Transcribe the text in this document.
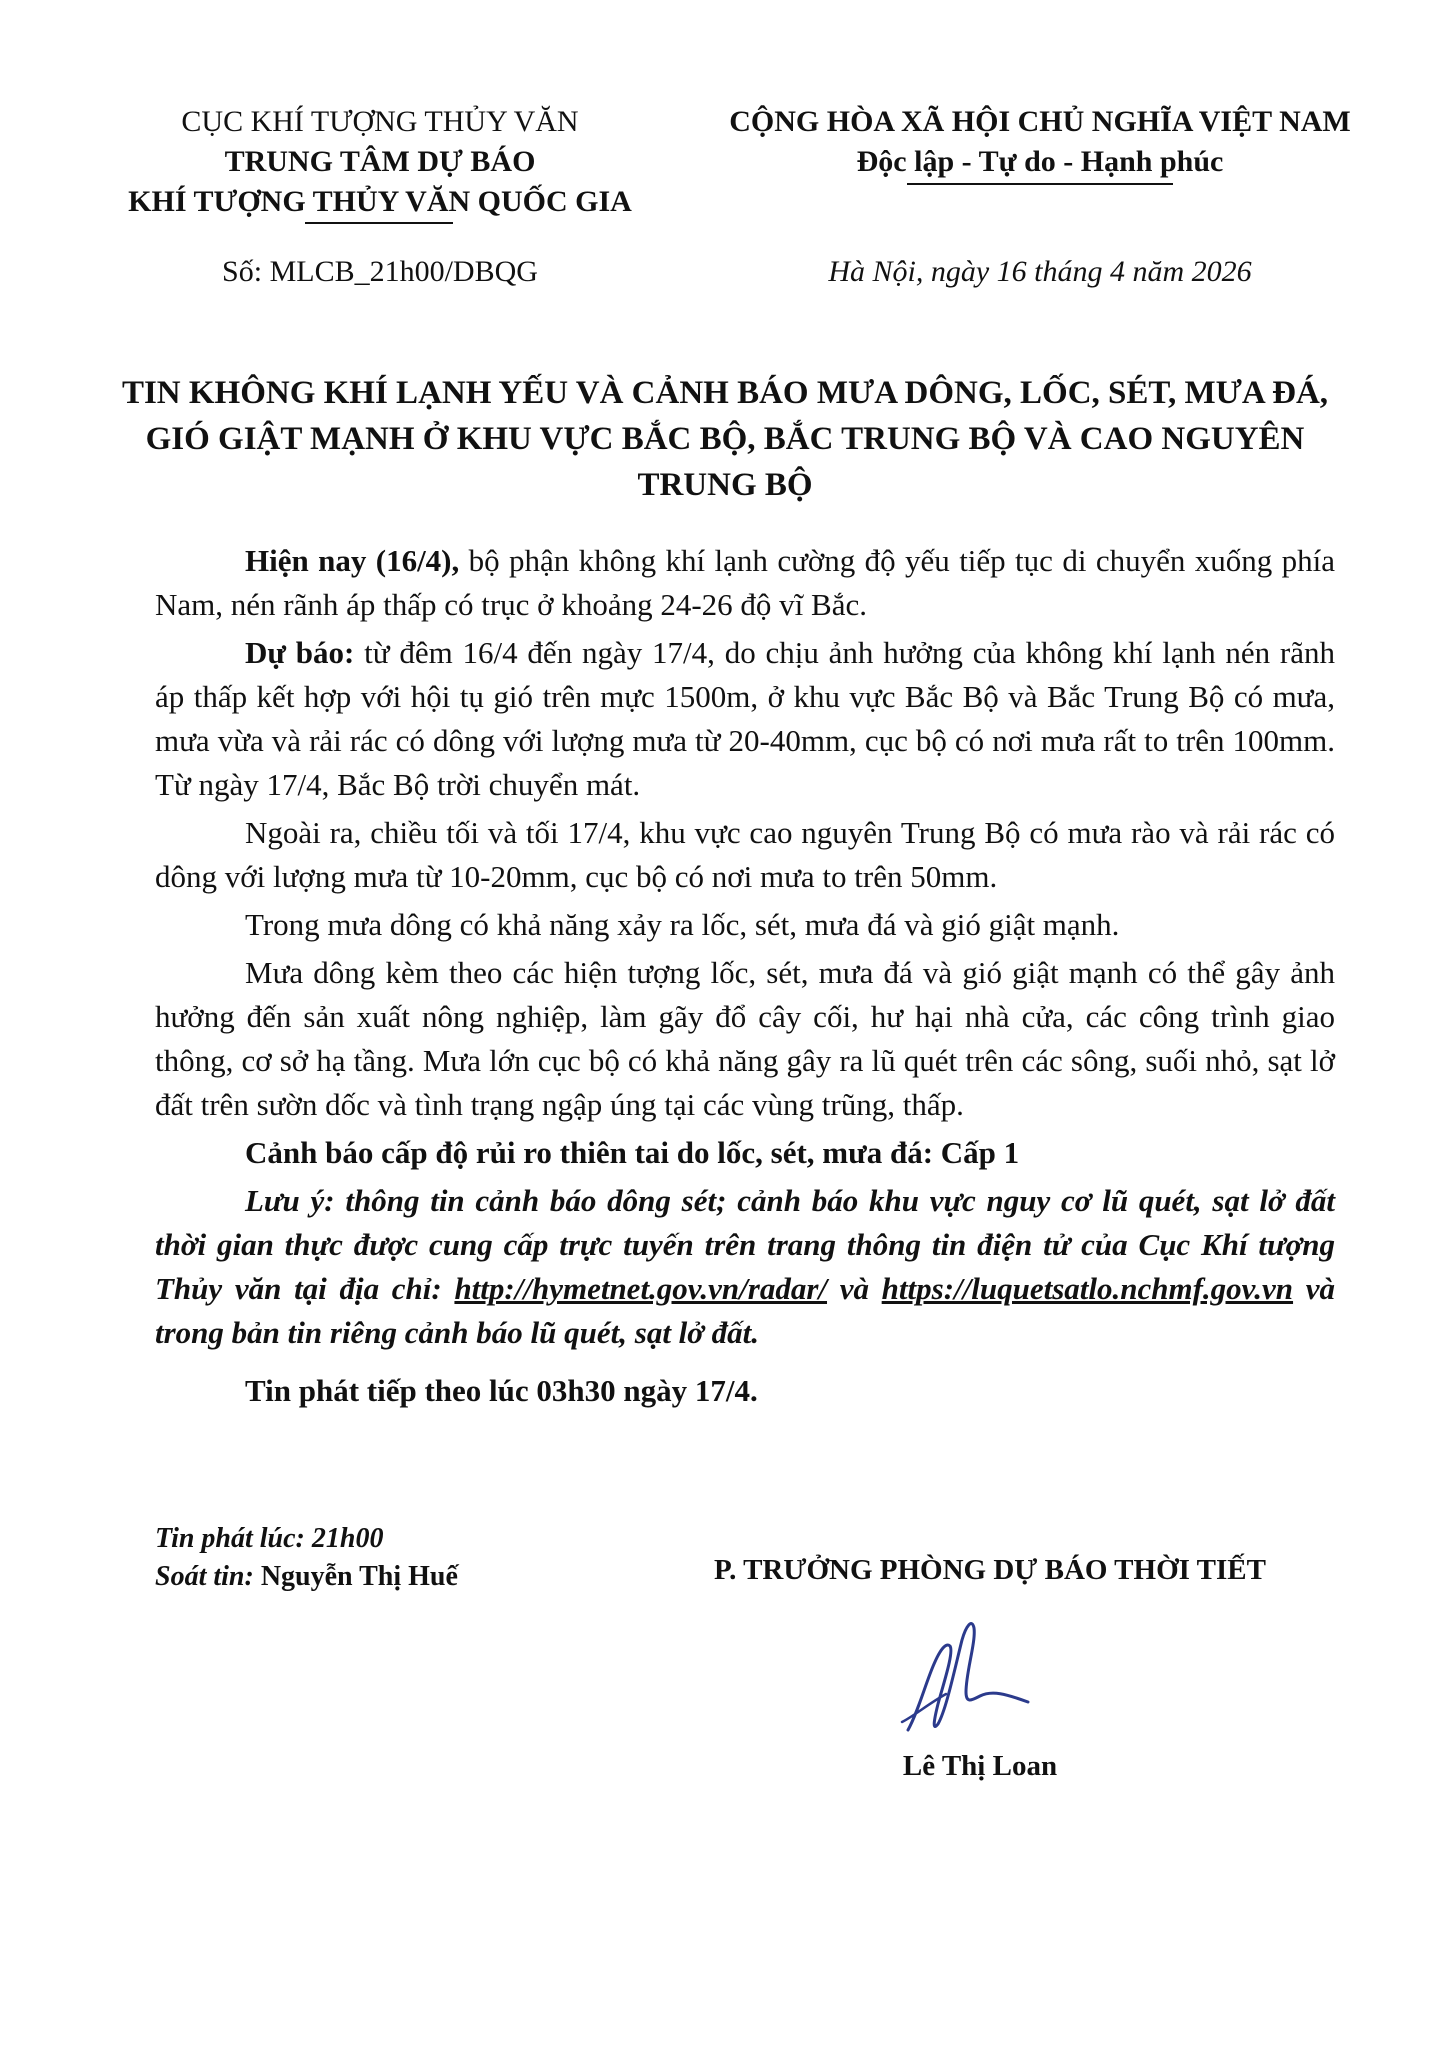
CỤC KHÍ TƯỢNG THỦY VĂN
TRUNG TÂM DỰ BÁO
KHÍ TƯỢNG THỦY VĂN QUỐC GIA
CỘNG HÒA XÃ HỘI CHỦ NGHĨA VIỆT NAM
Độc lập - Tự do - Hạnh phúc
Số: MLCB_21h00/DBQG	Hà Nội, ngày 16 tháng 4 năm 2026
TIN KHÔNG KHÍ LẠNH YẾU VÀ CẢNH BÁO MƯA DÔNG, LỐC, SÉT, MƯA ĐÁ,
GIÓ GIẬT MẠNH Ở KHU VỰC BẮC BỘ, BẮC TRUNG BỘ VÀ CAO NGUYÊN
TRUNG BỘ

Hiện nay (16/4), bộ phận không khí lạnh cường độ yếu tiếp tục di chuyển xuống phía Nam, nén rãnh áp thấp có trục ở khoảng 24-26 độ vĩ Bắc.

Dự báo: từ đêm 16/4 đến ngày 17/4, do chịu ảnh hưởng của không khí lạnh nén rãnh áp thấp kết hợp với hội tụ gió trên mực 1500m, ở khu vực Bắc Bộ và Bắc Trung Bộ có mưa, mưa vừa và rải rác có dông với lượng mưa từ 20-40mm, cục bộ có nơi mưa rất to trên 100mm. Từ ngày 17/4, Bắc Bộ trời chuyển mát.

Ngoài ra, chiều tối và tối 17/4, khu vực cao nguyên Trung Bộ có mưa rào và rải rác có dông với lượng mưa từ 10-20mm, cục bộ có nơi mưa to trên 50mm.

Trong mưa dông có khả năng xảy ra lốc, sét, mưa đá và gió giật mạnh.

Mưa dông kèm theo các hiện tượng lốc, sét, mưa đá và gió giật mạnh có thể gây ảnh hưởng đến sản xuất nông nghiệp, làm gãy đổ cây cối, hư hại nhà cửa, các công trình giao thông, cơ sở hạ tầng. Mưa lớn cục bộ có khả năng gây ra lũ quét trên các sông, suối nhỏ, sạt lở đất trên sườn dốc và tình trạng ngập úng tại các vùng trũng, thấp.

Cảnh báo cấp độ rủi ro thiên tai do lốc, sét, mưa đá: Cấp 1

Lưu ý: thông tin cảnh báo dông sét; cảnh báo khu vực nguy cơ lũ quét, sạt lở đất thời gian thực được cung cấp trực tuyến trên trang thông tin điện tử của Cục Khí tượng Thủy văn tại địa chỉ: http://hymetnet.gov.vn/radar/ và https://luquetsatlo.nchmf.gov.vn và trong bản tin riêng cảnh báo lũ quét, sạt lở đất.

Tin phát tiếp theo lúc 03h30 ngày 17/4.

Tin phát lúc: 21h00
Soát tin: Nguyễn Thị Huế	P. TRƯỞNG PHÒNG DỰ BÁO THỜI TIẾT
Lê Thị Loan
